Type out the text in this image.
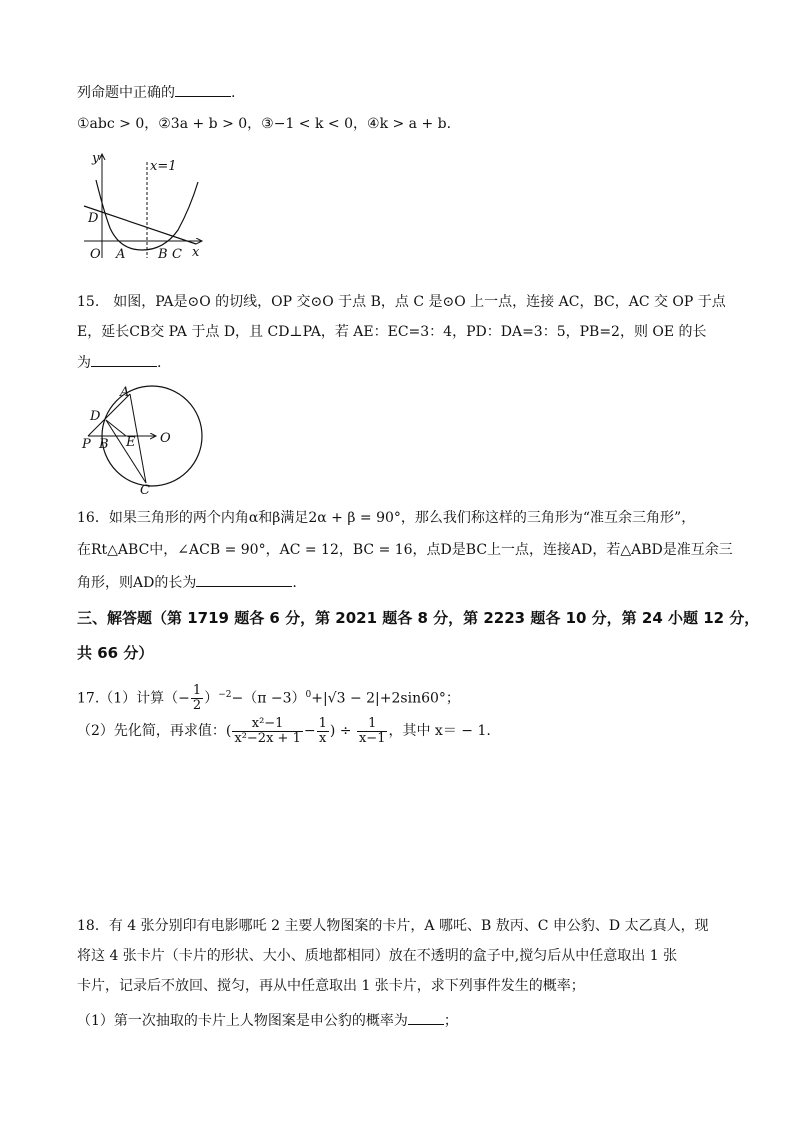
列命题中正确的	.
①abc > 0，②3a + b > 0，③−1 < k < 0，④k > a + b.
y
x=1
D
O A	B C x
15.　如图，PA是⊙O 的切线，OP 交⊙O 于点 B，点 C 是⊙O 上一点，连接 AC，BC，AC 交 OP 于点
E，延长CB交 PA 于点 D，且 CD⊥PA，若 AE：EC=3：4，PD：DA=3：5，PB=2，则 OE 的长
为	.
A
D
P B E O
C
16．如果三角形的两个内角α和β满足2α + β = 90°，那么我们称这样的三角形为“准互余三角形”，
在Rt△ABC中，∠ACB = 90°，AC = 12，BC = 16，点D是BC上一点，连接AD，若△ABD是准互余三
角形，则AD的长为	.
三、解答题（第 1719 题各 6 分，第 2021 题各 8 分，第 2223 题各 10 分，第 24 小题 12 分，
共 66 分）
17.（1）计算（− $\frac{1}{2} )^{-2}-(\pi -3)^0+|√3 - 2|+2\sin 60^\circ$；
（2）先化简，再求值：( $\frac{\text{x²−1}}{\text{x²−2x + 1}} - \frac{1}{x}$ ) ÷ $\frac{1}{x-1}$ ，其中 x＝ − 1.
18．有 4 张分别印有电影哪吒 2 主要人物图案的卡片，A 哪吒、B 敖丙、C 申公豹、D 太乙真人，现
将这 4 张卡片（卡片的形状、大小、质地都相同）放在不透明的盒子中,搅匀后从中任意取出 1 张
卡片，记录后不放回、搅匀，再从中任意取出 1 张卡片，求下列事件发生的概率；
（1）第一次抽取的卡片上人物图案是申公豹的概率为	；
